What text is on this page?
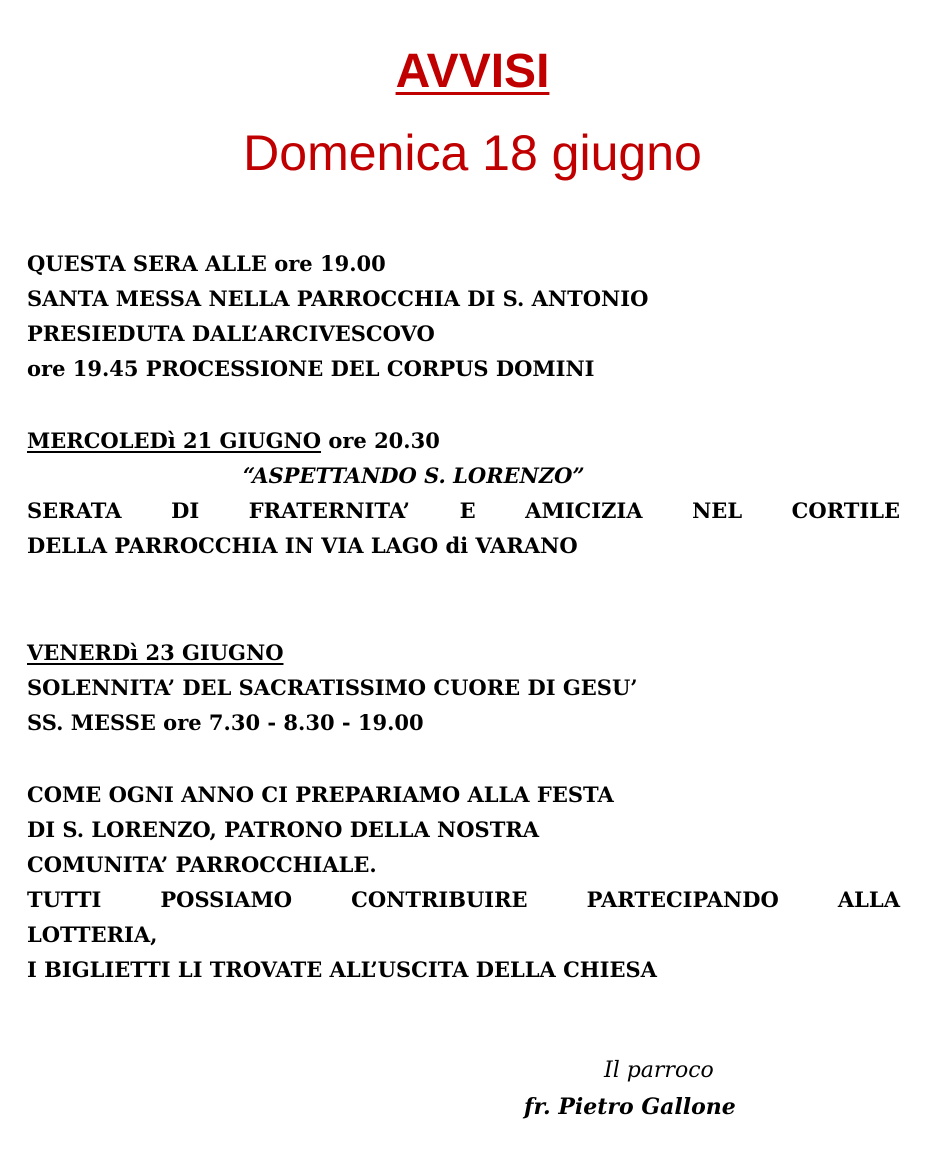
AVVISI
Domenica 18 giugno
QUESTA SERA ALLE ore 19.00
SANTA MESSA NELLA PARROCCHIA DI S. ANTONIO
PRESIEDUTA DALL’ARCIVESCOVO
ore 19.45 PROCESSIONE DEL CORPUS DOMINI
MERCOLEDì 21 GIUGNO ore 20.30
“ASPETTANDO S. LORENZO”
SERATA DI FRATERNITA’ E AMICIZIA NEL CORTILE
DELLA PARROCCHIA IN VIA LAGO di VARANO
VENERDì 23 GIUGNO
SOLENNITA’ DEL SACRATISSIMO CUORE DI GESU’
SS. MESSE ore 7.30 - 8.30 - 19.00
COME OGNI ANNO CI PREPARIAMO ALLA FESTA
DI S. LORENZO, PATRONO DELLA NOSTRA
COMUNITA’ PARROCCHIALE.
TUTTI POSSIAMO CONTRIBUIRE PARTECIPANDO ALLA
LOTTERIA,
I BIGLIETTI LI TROVATE ALL’USCITA DELLA CHIESA
Il parroco
fr. Pietro Gallone
